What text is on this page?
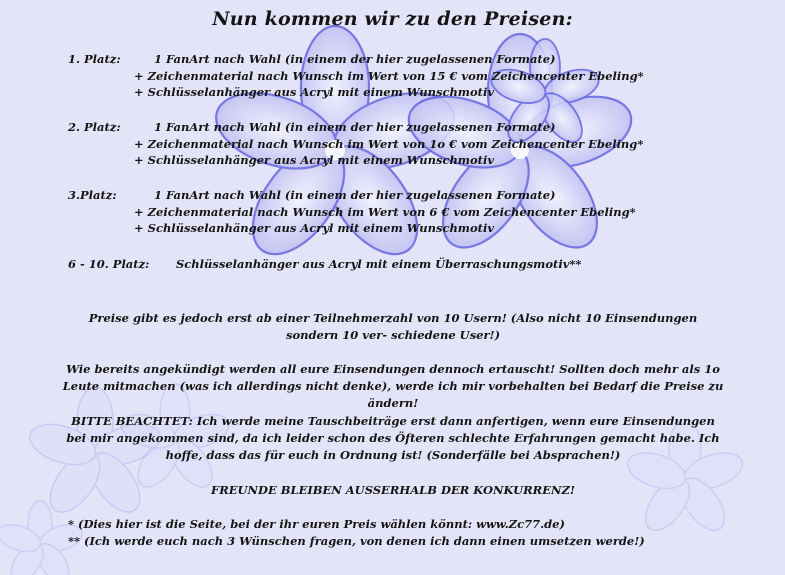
Nun kommen wir zu den Preisen:
1. Platz:	1 FanArt nach Wahl (in einem der hier zugelassenen Formate)
+ Zeichenmaterial nach Wunsch im Wert von 15 € vom Zeichencenter Ebeling*
+ Schlüsselanhänger aus Acryl mit einem Wunschmotiv
2. Platz:	1 FanArt nach Wahl (in einem der hier zugelassenen Formate)
+ Zeichenmaterial nach Wunsch im Wert von 1o € vom Zeichencenter Ebeling*
+ Schlüsselanhänger aus Acryl mit einem Wunschmotiv
3.Platz:	1 FanArt nach Wahl (in einem der hier zugelassenen Formate)
+ Zeichenmaterial nach Wunsch im Wert von 6 € vom Zeichencenter Ebeling*
+ Schlüsselanhänger aus Acryl mit einem Wunschmotiv
6 - 10. Platz: Schlüsselanhänger aus Acryl mit einem Überraschungsmotiv**
Preise gibt es jedoch erst ab einer Teilnehmerzahl von 10 Usern! (Also nicht 10 Einsendungen sondern 10 ver- schiedene User!)
Wie bereits angekündigt werden all eure Einsendungen dennoch ertauscht! Sollten doch mehr als 1o Leute mitmachen (was ich allerdings nicht denke), werde ich mir vorbehalten bei Bedarf die Preise zu ändern!
BITTE BEACHTET: Ich werde meine Tauschbeiträge erst dann anfertigen, wenn eure Einsendungen bei mir angekommen sind, da ich leider schon des Öfteren schlechte Erfahrungen gemacht habe. Ich hoffe, dass das für euch in Ordnung ist! (Sonderfälle bei Absprachen!)
FREUNDE BLEIBEN AUSSERHALB DER KONKURRENZ!
* (Dies hier ist die Seite, bei der ihr euren Preis wählen könnt: www.Zc77.de)
** (Ich werde euch nach 3 Wünschen fragen, von denen ich dann einen umsetzen werde!)
